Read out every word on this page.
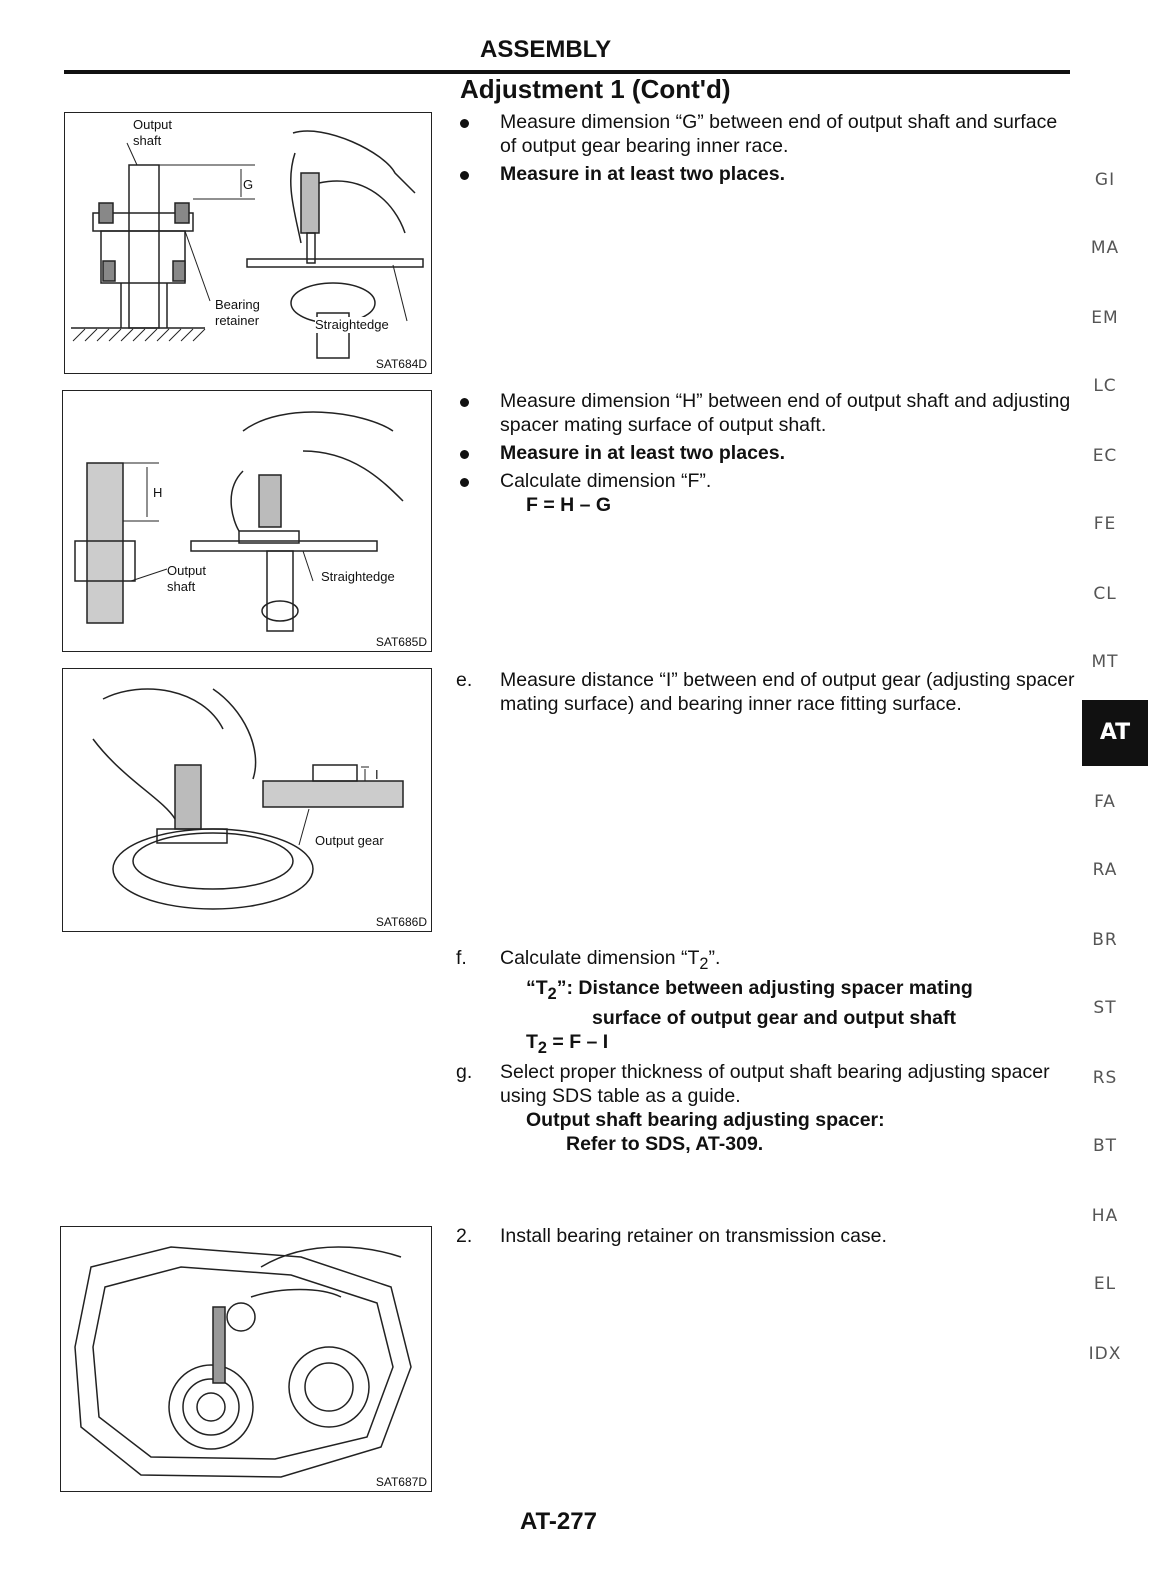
ASSEMBLY
Adjustment 1 (Cont'd)
Output shaft
G
Bearing retainer	Straightedge
SAT684D
H
Output shaft
Straightedge
SAT685D
I
Output gear
SAT686D
SAT687D
Measure dimension “G” between end of output shaft and surface of output gear bearing inner race.
Measure in at least two places.
Measure dimension “H” between end of output shaft and adjusting spacer mating surface of output shaft.
Measure in at least two places.
Calculate dimension “F”.
F = H – G
e. Measure distance “I” between end of output gear (adjusting spacer mating surface) and bearing inner race fitting surface.
f. Calculate dimension “$T_2$”.
“$T_2$”: Distance between adjusting spacer mating
surface of output gear and output shaft
$T_2 = F - I$
g. Select proper thickness of output shaft bearing adjusting spacer using SDS table as a guide.
Output shaft bearing adjusting spacer:
Refer to SDS, AT-309.
2. Install bearing retainer on transmission case.
GI
MA
EM
LC
EC
FE
CL
MT
AT
FA
RA
BR
ST
RS
BT
HA
EL
IDX
AT-277
